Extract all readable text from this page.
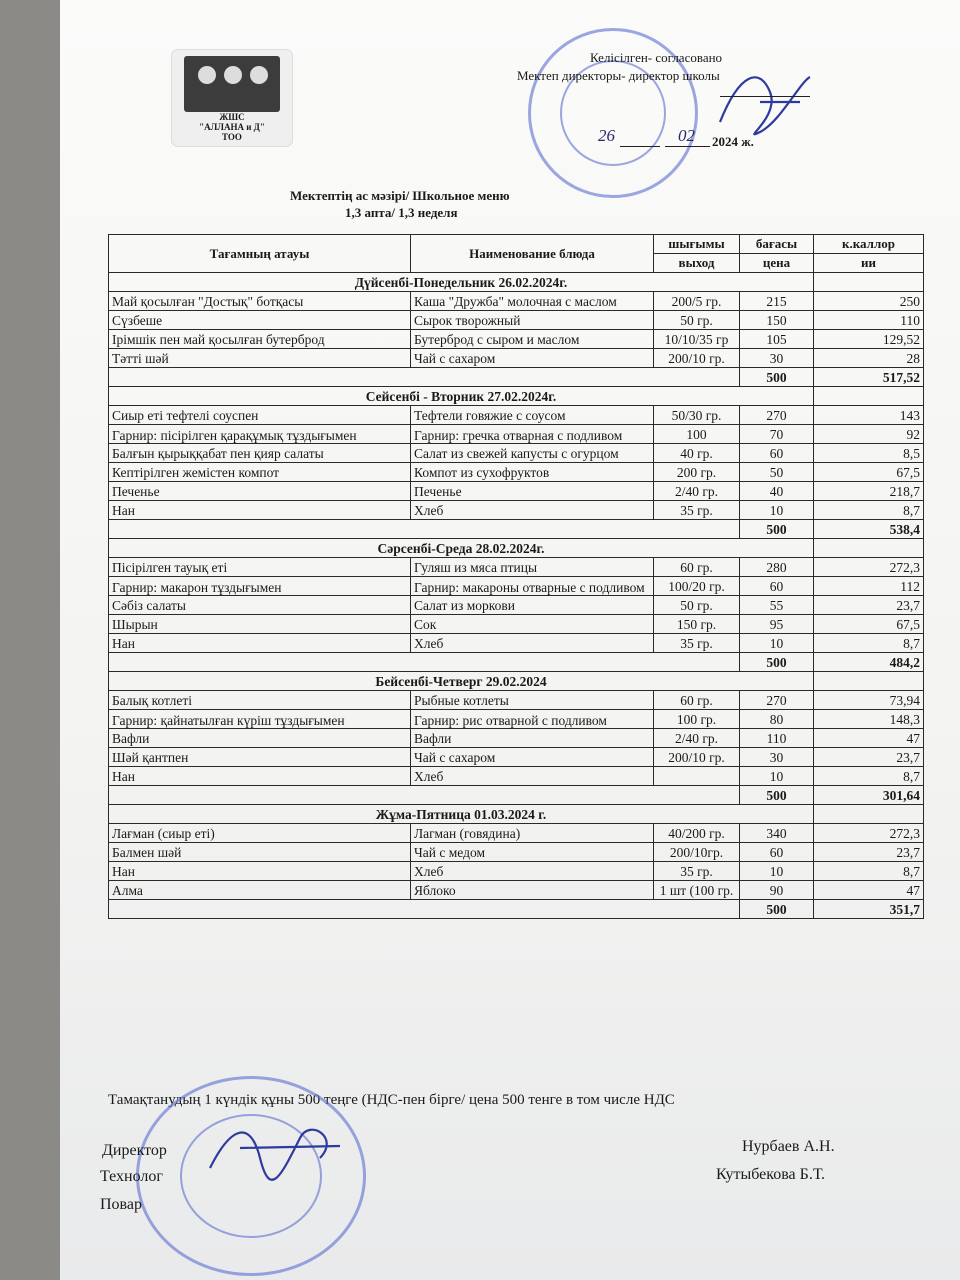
ЖШС
"АЛЛАНА и Д"
ТОО
Келісілген- согласовано
Мектеп директоры- директор школы
26	02 2024 ж.
Мектептің ас мәзірі/ Школьное меню
1,3 апта/ 1,3 неделя
Тағамның атауы	Наименование блюда	шығымы	бағасы	к.каллор
		выход	цена	ии
Дүйсенбі-Понедельник 26.02.2024г.				
Май қосылған "Достық" ботқасы	Каша "Дружба" молочная с маслом	200/5 гр.	215	250
Сүзбеше	Сырок творожный	50 гр.	150	110
Ірімшік пен май қосылған бутерброд	Бутерброд с сыром и маслом	10/10/35 гр	105	129,52
Тәтті шәй	Чай с сахаром	200/10 гр.	30	28
			500	517,52
Сейсенбі - Вторник 27.02.2024г.				
Сиыр еті тефтелі соуспен	Тефтели говяжие с соусом	50/30 гр.	270	143
Гарнир: пісірілген қарақұмық тұздығымен	Гарнир: гречка отварная с подливом	100	70	92
Балғын қырыққабат пен қияр салаты	Салат из свежей капусты с огурцом	40 гр.	60	8,5
Кептірілген жемістен компот	Компот из сухофруктов	200 гр.	50	67,5
Печенье	Печенье	2/40 гр.	40	218,7
Нан	Хлеб	35 гр.	10	8,7
			500	538,4
Сәрсенбі-Среда 28.02.2024г.				
Пісірілген тауық еті	Гуляш из мяса птицы	60 гр.	280	272,3
Гарнир: макарон тұздығымен	Гарнир: макароны отварные с подливом	100/20 гр.	60	112
Сәбіз салаты	Салат из моркови	50 гр.	55	23,7
Шырын	Сок	150 гр.	95	67,5
Нан	Хлеб	35 гр.	10	8,7
			500	484,2
Бейсенбі-Четверг 29.02.2024				
Балық котлеті	Рыбные котлеты	60 гр.	270	73,94
Гарнир: қайнатылған күріш тұздығымен	Гарнир: рис отварной с подливом	100 гр.	80	148,3
Вафли	Вафли	2/40 гр.	110	47
Шәй қантпен	Чай с сахаром	200/10 гр.	30	23,7
Нан	Хлеб		10	8,7
			500	301,64
Жұма-Пятница 01.03.2024 г.				
Лағман (сиыр еті)	Лагман (говядина)	40/200 гр.	340	272,3
Балмен шәй	Чай с медом	200/10гр.	60	23,7
Нан	Хлеб	35 гр.	10	8,7
Алма	Яблоко	1 шт (100 гр.	90	47
			500	351,7
Тамақтанудың 1 күндік құны 500 теңге (НДС-пен бірге/ цена 500 тенге в том числе НДС
Директор
Технолог
Повар
Нурбаев А.Н.
Кутыбекова Б.Т.
